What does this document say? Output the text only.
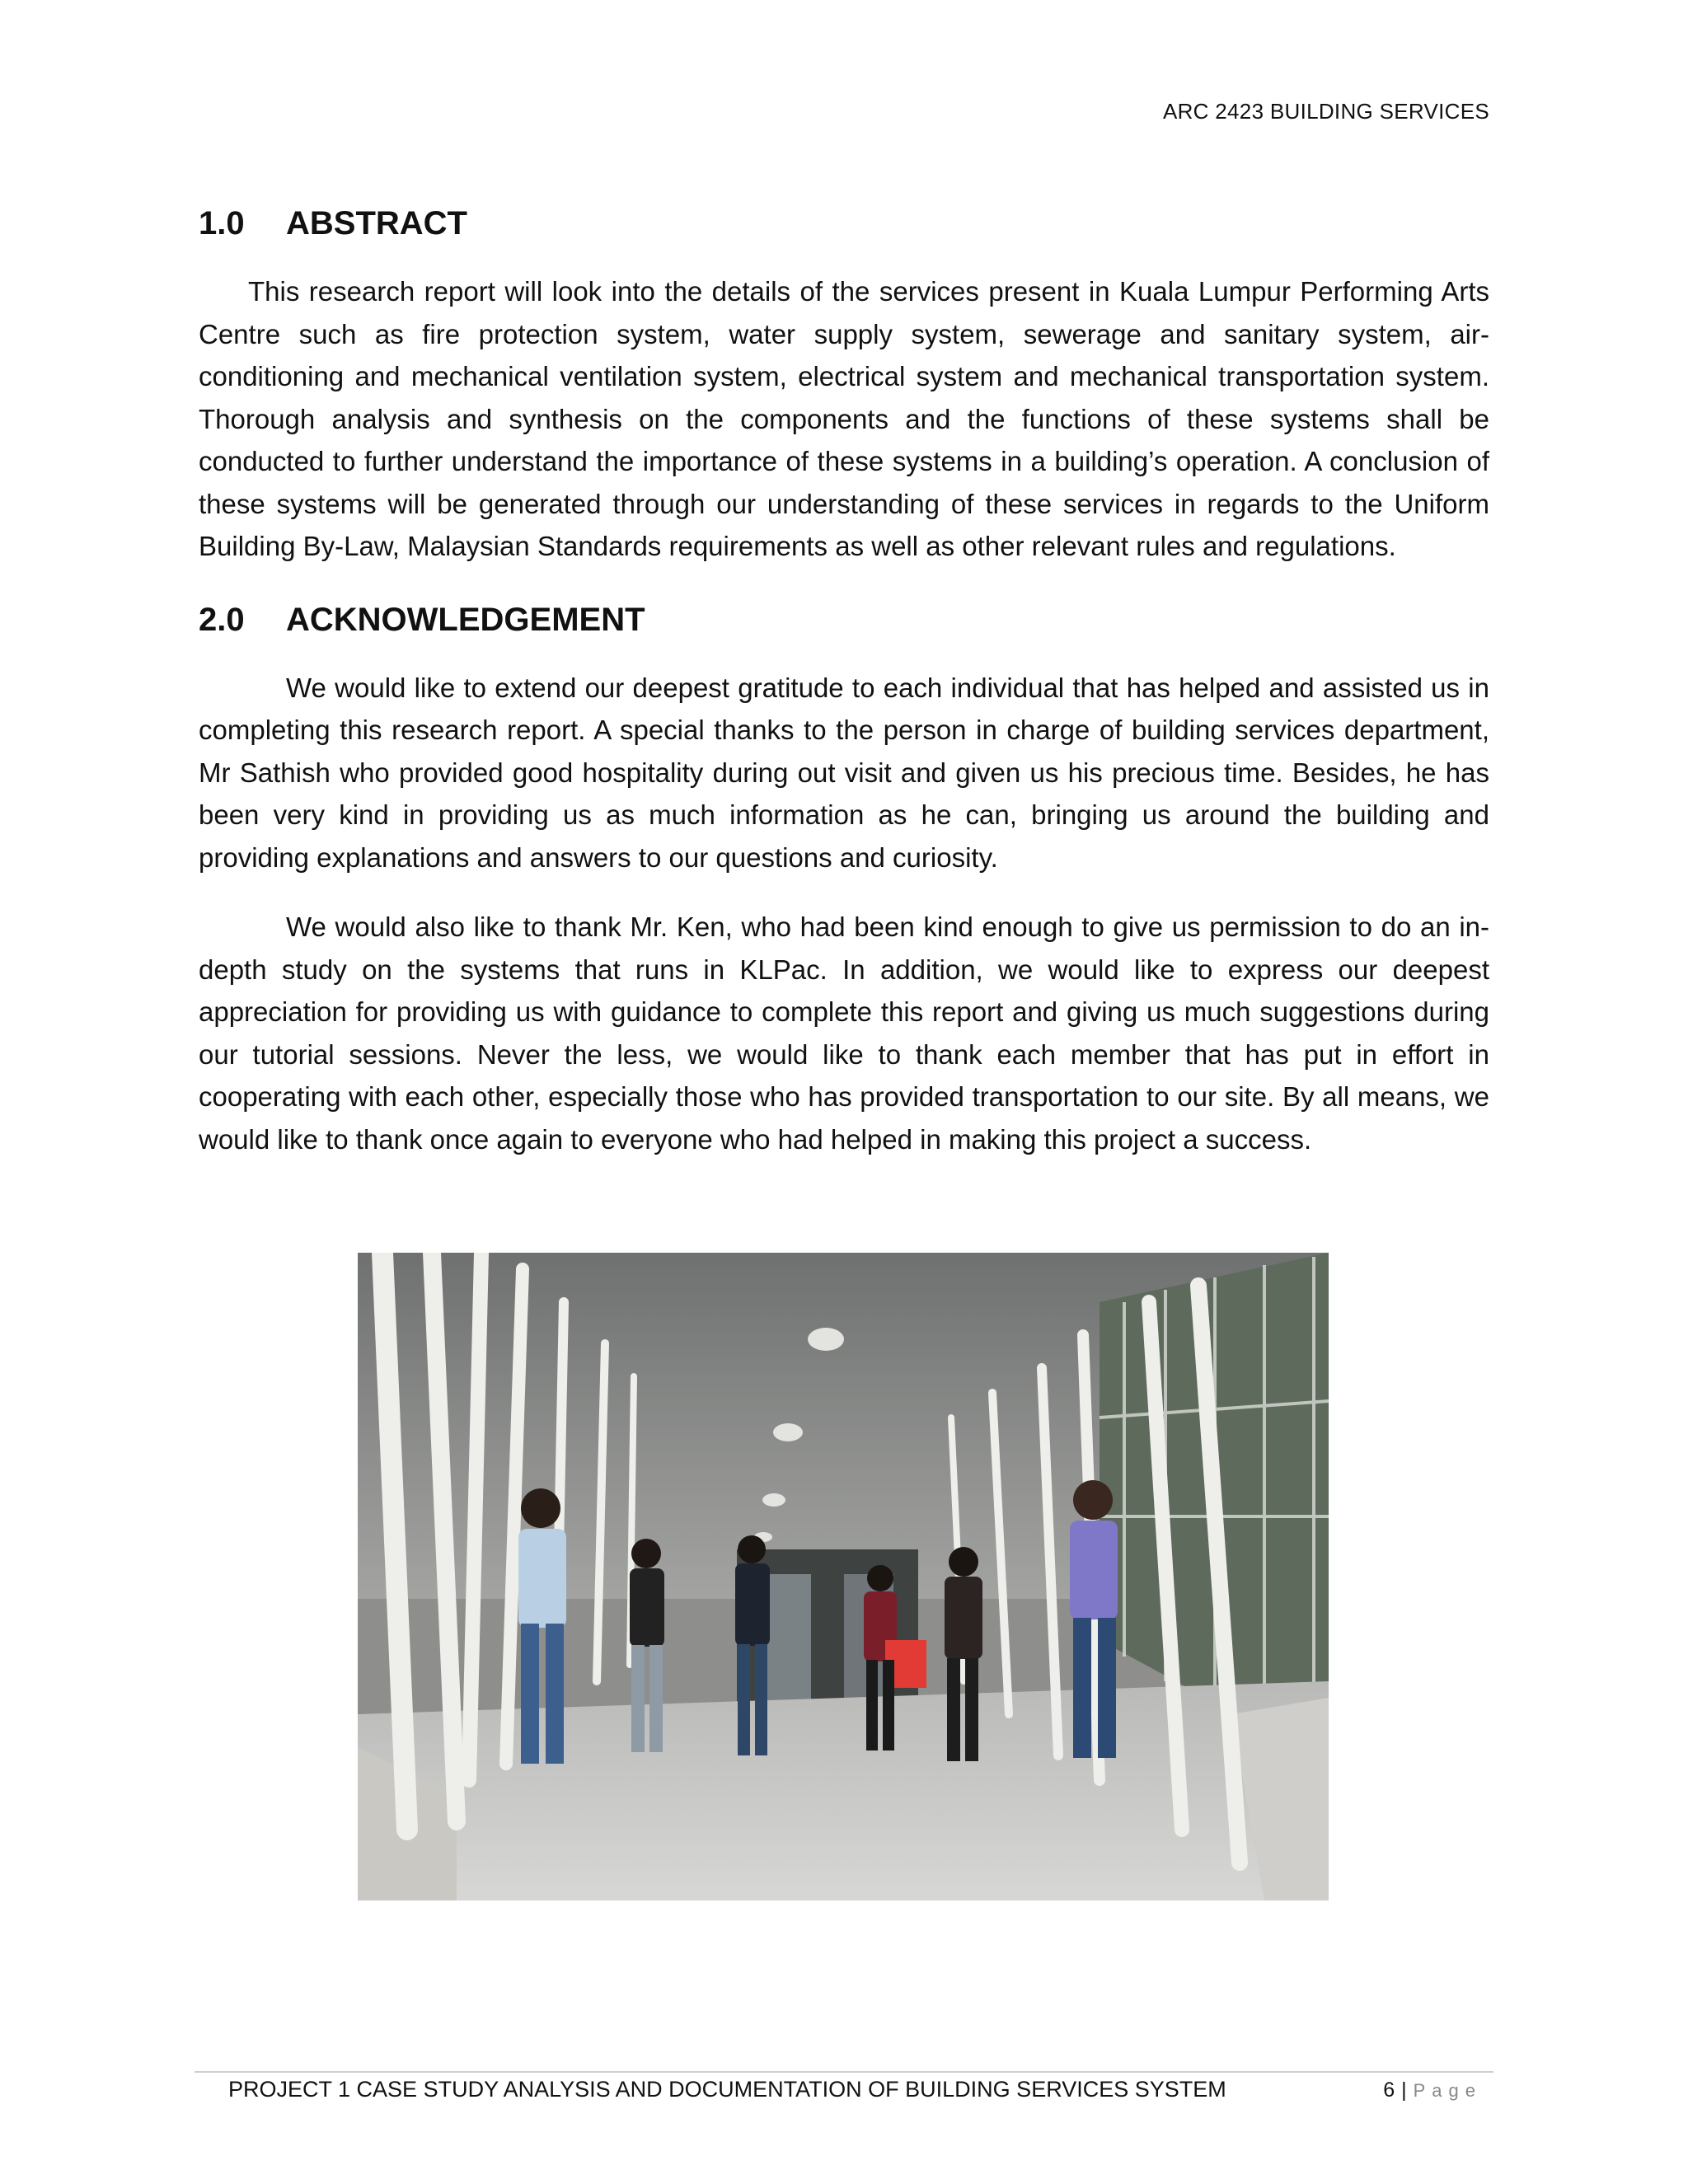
ARC 2423 BUILDING SERVICES
1.0	ABSTRACT

This research report will look into the details of the services present in Kuala Lumpur Performing Arts Centre such as fire protection system, water supply system, sewerage and sanitary system, air-conditioning and mechanical ventilation system, electrical system and mechanical transportation system. Thorough analysis and synthesis on the components and the functions of these systems shall be conducted to further understand the importance of these systems in a building’s operation. A conclusion of these systems will be generated through our understanding of these services in regards to the Uniform Building By-Law, Malaysian Standards requirements as well as other relevant rules and regulations.

2.0	ACKNOWLEDGEMENT

We would like to extend our deepest gratitude to each individual that has helped and assisted us in completing this research report. A special thanks to the person in charge of building services department, Mr Sathish who provided good hospitality during out visit and given us his precious time. Besides, he has been very kind in providing us as much information as he can, bringing us around the building and providing explanations and answers to our questions and curiosity.

We would also like to thank Mr. Ken, who had been kind enough to give us permission to do an in-depth study on the systems that runs in KLPac. In addition, we would like to express our deepest appreciation for providing us with guidance to complete this report and giving us much suggestions during our tutorial sessions. Never the less, we would like to thank each member that has put in effort in cooperating with each other, especially those who has provided transportation to our site. By all means, we would like to thank once again to everyone who had helped in making this project a success.

PROJECT 1 CASE STUDY ANALYSIS AND DOCUMENTATION OF BUILDING SERVICES SYSTEM	6 | Page
